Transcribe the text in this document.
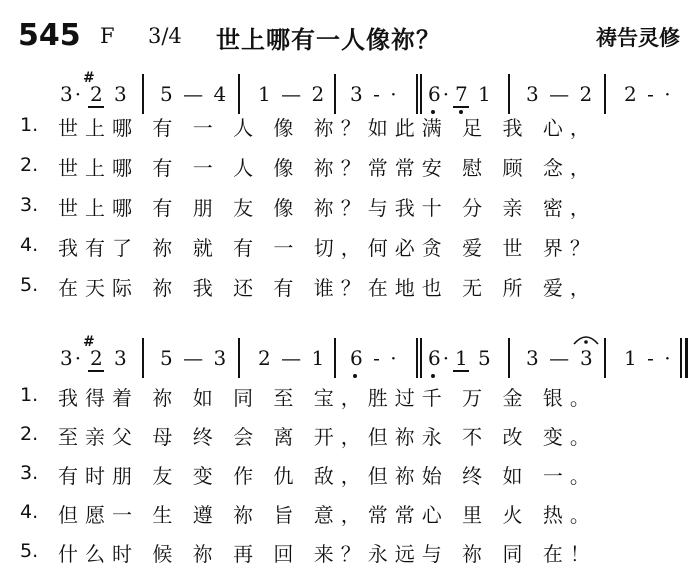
545 F 3/4 世上哪有一人像祢？	祷告灵修
#
3· 2 3 5 — 4 1 — 2 3 - · 6· 7 1 3 — 2 2 - ·
1. 世上哪 有 一 人 像 祢？如此满 足 我 心，
2. 世上哪 有 一 人 像 祢？常常安 慰 顾 念，
3. 世上哪 有 朋 友 像 祢？与我十 分 亲 密，
4. 我有了 祢 就 有 一 切，何必贪 爱 世 界？
5. 在天际 祢 我 还 有 谁？在地也 无 所 爱，
#
3· 2 3 5 — 3 2 — 1 6 - · 6· 1 5 3 — 3 1 - ·
1. 我得着 祢 如 同 至 宝，胜过千 万 金 银。
2. 至亲父 母 终 会 离 开，但祢永 不 改 变。
3. 有时朋 友 变 作 仇 敌，但祢始 终 如 一。
4. 但愿一 生 遵 祢 旨 意，常常心 里 火 热。
5. 什么时 候 祢 再 回 来？永远与 祢 同 在！
